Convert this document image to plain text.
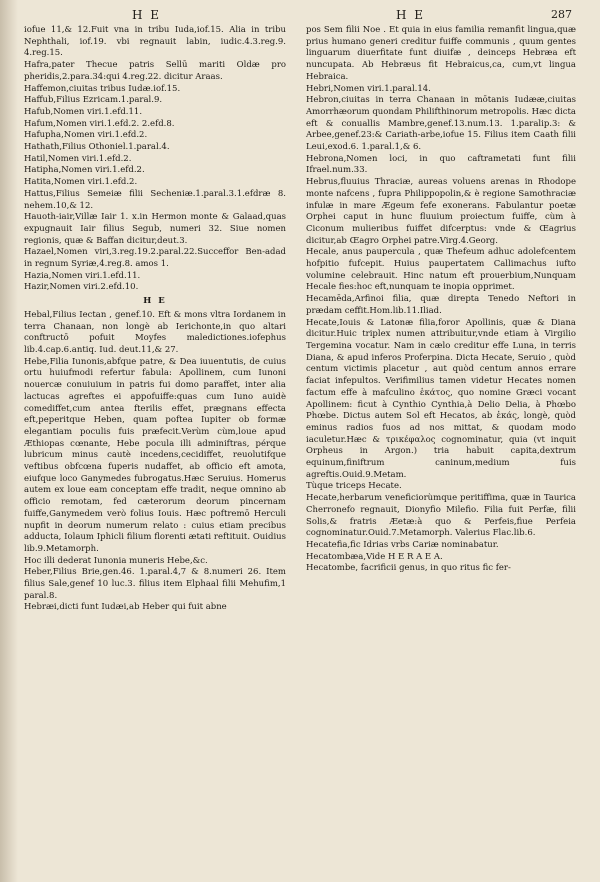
H E	H E	287

iofue 11,& 12.Fuit vna in tribu Iuda,iof.15. Alia in tribu Nephthali, iof.19. vbi regnauit labin, iudic.4.3.reg.9. 4.reg.15.

Hafra,pater Thecue patris Sellū mariti Oldæ pro pheridis,2.para.34:qui 4.reg.22. dicitur Araas.

Haffemon,ciuitas tribus Iudæ.iof.15.

Haffub,Filius Ezricam.1.paral.9.

Hafub,Nomen viri.1.efd.11.

Hafum,Nomen viri.1.efd.2. 2.efd.8.

Hafupha,Nomen viri.1.efd.2.

Hathath,Filius Othoniel.1.paral.4.

Hatil,Nomen viri.1.efd.2.

Hatipha,Nomen viri.1.efd.2.

Hatita,Nomen viri.1.efd.2.

Hattus,Filius Semeiæ filii Secheniæ.1.paral.3.1.efdræ 8. nehem.10,& 12.

Hauoth-iair,Villæ Iair 1. x.in Hermon monte & Galaad,quas expugnauit Iair filius Segub, numeri 32. Siue nomen regionis, quæ & Baffan dicitur,deut.3.

Hazael,Nomen viri,3.reg.19.2.paral.22.Succeffor Ben-adad in regnum Syriæ,4.reg.8. amos 1.

Hazia,Nomen viri.1.efd.11.

Hazir,Nomen viri.2.efd.10.

H E

Hebal,Filius Iectan , genef.10. Eft & mons vltra Iordanem in terra Chanaan, non longè ab Ierichonte,in quo altari conftructō pofuit Moyfes maledictiones.iofephus lib.4.cap.6.antiq. Iud. deut.11,& 27.

Hebe,Filia Iunonis,abfque patre, & Dea iuuentutis, de cuius ortu huiufmodi refertur fabula: Apollinem, cum Iunoni nouercæ conuiuium in patris fui domo paraffet, inter alia lactucas agreftes ei appofuiffe:quas cum Iuno auidè comediffet,cum antea fterilis effet, prægnans effecta eft,peperitque Heben, quam poftea Iupiter ob formæ elegantiam poculis fuis præfecit.Verùm cùm,loue apud Æthiopas cœnante, Hebe pocula illi adminiftras, pérque lubricum minus cautè incedens,cecidiffet, reuolutifque veftibus obfcœna fuperis nudaffet, ab officio eft amota, eiufque loco Ganymedes fubrogatus.Hæc Seruius. Homerus autem ex loue eam conceptam effe tradit, neque omnino ab officio remotam, fed cæterorum deorum pincernam fuiffe,Ganymedem verò folius Iouis. Hæc poftremō Herculi nupfit in deorum numerum relato : cuius etiam precibus adducta, Iolaum Iphicli filium florenti ætati reftituit. Ouidius lib.9.Metamorph.

Hoc illi dederat Iunonia muneris Hebe,&c.

Heber,Filius Brie,gen.46. 1.paral.4,7 & 8.numeri 26. Item filius Sale,genef 10 luc.3. filius item Elphaal filii Mehufim,1 paral.8.

Hebræi,dicti funt Iudæi,ab Heber qui fuit abne

pos Sem filii Noe . Et quia in eius familia remanfit lingua,quæ prius humano generi creditur fuiffe communis , quum gentes linguarum diuerfitate funt diuifæ , deinceps Hebræa eft nuncupata. Ab Hebræus fit Hebraicus,ca, cum,vt lingua Hebraica.

Hebri,Nomen viri.1.paral.14.

Hebron,ciuitas in terra Chanaan in mōtanis Iudææ,ciuitas Amorrhæorum quondam Philifthinorum metropolis. Hæc dicta eft & conuallis Mambre,genef.13.num.13. 1.paralip.3: & Arbee,genef.23:& Cariath-arbe,iofue 15. Filius item Caath filii Leui,exod.6. 1.paral.1,& 6.

Hebrona,Nomen loci, in quo caftrametati funt filii Ifrael.num.33.

Hebrus,fluuius Thraciæ, aureas voluens arenas in Rhodope monte nafcens , fupra Philippopolin,& è regione Samothraciæ infulæ in mare Ægeum fefe exonerans. Fabulantur poetæ Orphei caput in hunc fluuium proiectum fuiffe, cùm à Ciconum mulieribus fuiffet difcerptus: vnde & Œagrius dicitur,ab Œagro Orphei patre.Virg.4.Georg.

Hecale, anus paupercula , quæ Thefeum adhuc adolefcentem hofpitio fufcepit. Huius paupertatem Callimachus iufto volumine celebrauit. Hinc natum eft prouerbium,Nunquam Hecale fies:hoc eft,nunquam te inopia opprimet.

Hecamēda,Arfinoi filia, quæ direpta Tenedo Neftori in prædam ceffit.Hom.lib.11.Iliad.

Hecate,Iouis & Latonæ filia,foror Apollinis, quæ & Diana dicitur.Huic triplex numen attribuitur,vnde etiam à Virgilio Tergemina vocatur. Nam in cælo creditur effe Luna, in terris Diana, & apud inferos Proferpina. Dicta Hecate, Seruio , quòd centum victimis placetur , aut quòd centum annos errare faciat infepultos. Verifimilius tamen videtur Hecates nomen factum effe à mafculino ἑκάτος, quo nomine Græci vocant Apollinem: ficut à Cynthio Cynthia,à Delio Delia, à Phœbo Phœbe. Dictus autem Sol eft Hecatos, ab ἑκάς, longè, quòd eminus radios fuos ad nos mittat, & quodam modo iaculetur.Hæc & τρικέφαλος cognominatur, quia (vt inquit Orpheus in Argon.) tria habuit capita,dextrum equinum,finiftrum caninum,medium fuis agreftis.Ouid.9.Metam.

Tùque triceps Hecate.

Hecate,herbarum veneficiorùmque peritiffima, quæ in Taurica Cherronefo regnauit, Dionyfio Milefio. Filia fuit Perfæ, filii Solis,& fratris Æetæ:à quo & Perfeis,fiue Perfeia cognominatur.Ouid.7.Metamorph. Valerius Flac.lib.6.

Hecatefia,fic Idrias vrbs Cariæ nominabatur.

Hecatombæa,Vide H E R A E A.

Hecatombe, facrificii genus, in quo ritus fic fer-
